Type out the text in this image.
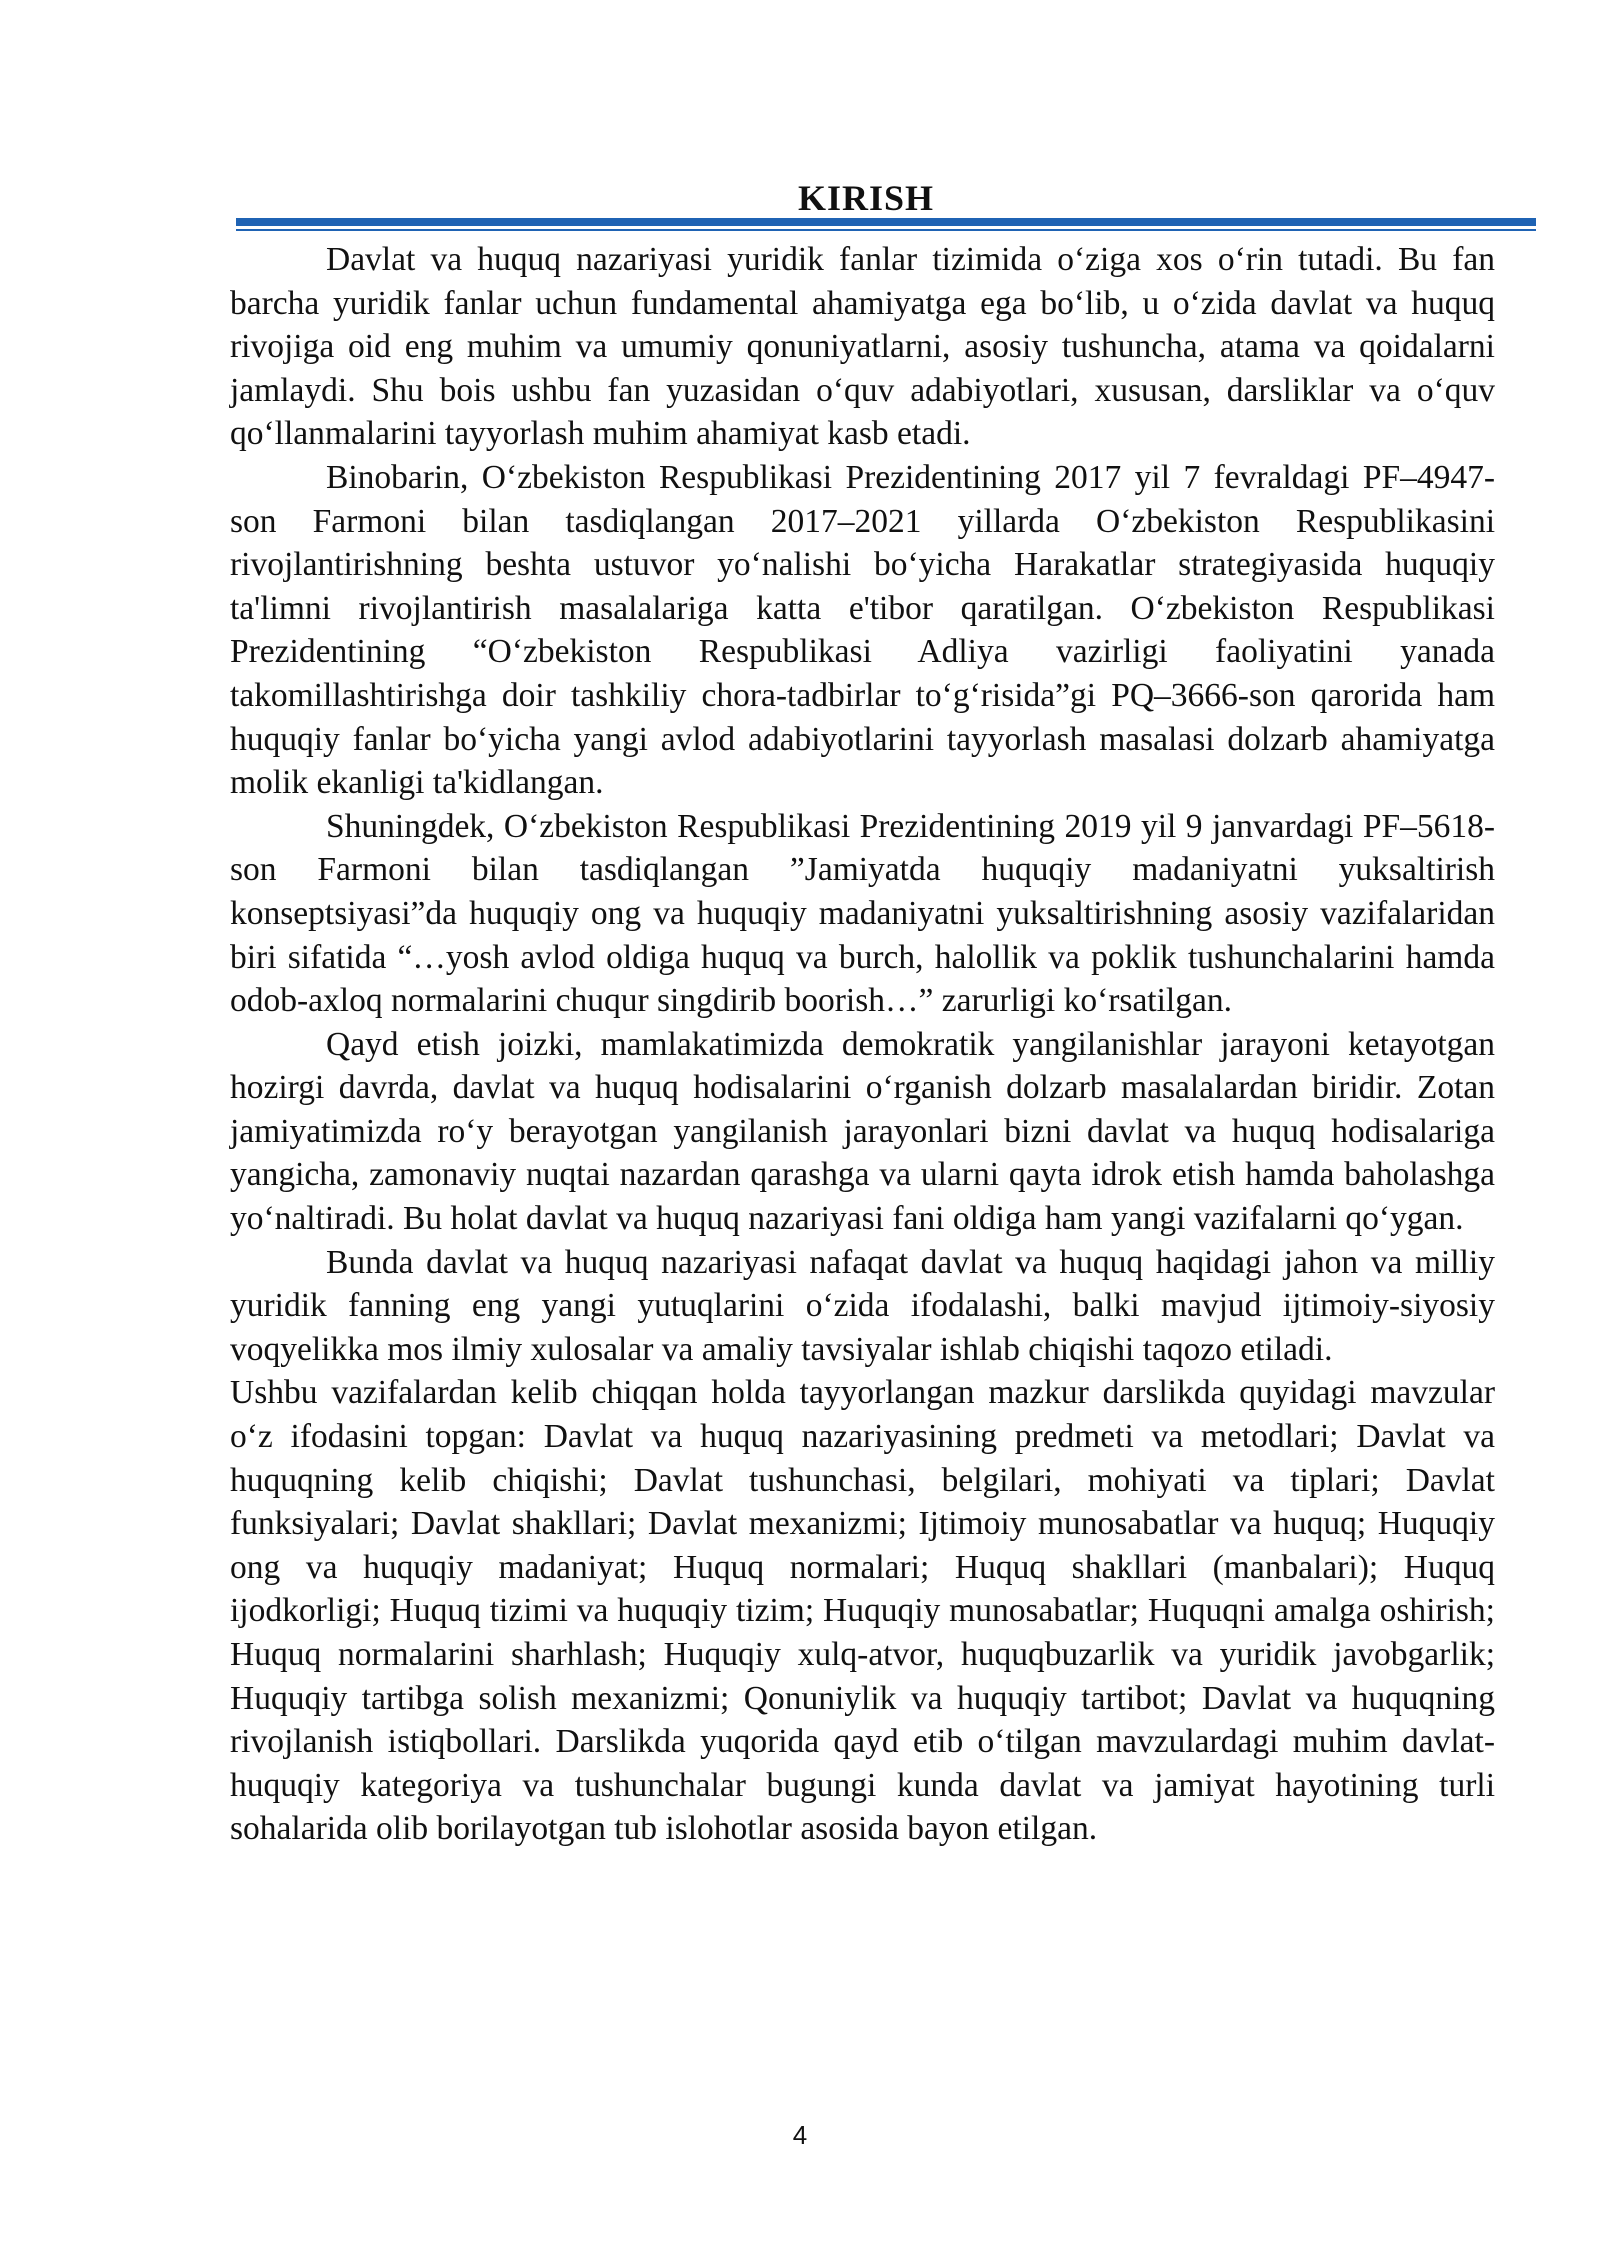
KIRISH

Davlat va huquq nazariyasi yuridik fanlar tizimida o‘ziga xos o‘rin tutadi. Bu fan barcha yuridik fanlar uchun fundamental ahamiyatga ega bo‘lib, u o‘zida davlat va huquq rivojiga oid eng muhim va umumiy qonuniyatlarni, asosiy tushuncha, atama va qoidalarni jamlaydi. Shu bois ushbu fan yuzasidan o‘quv adabiyotlari, xususan, darsliklar va o‘quv qo‘llanmalarini tayyorlash muhim ahamiyat kasb etadi.

Binobarin, O‘zbekiston Respublikasi Prezidentining 2017 yil 7 fevraldagi PF–4947-son Farmoni bilan tasdiqlangan 2017–2021 yillarda O‘zbekiston Respublikasini rivojlantirishning beshta ustuvor yo‘nalishi bo‘yicha Harakatlar strategiyasida huquqiy ta'limni rivojlantirish masalalariga katta e'tibor qaratilgan. O‘zbekiston Respublikasi Prezidentining “O‘zbekiston Respublikasi Adliya vazirligi faoliyatini yanada takomillashtirishga doir tashkiliy chora-tadbirlar to‘g‘risida”gi PQ–3666-son qarorida ham huquqiy fanlar bo‘yicha yangi avlod adabiyotlarini tayyorlash masalasi dolzarb ahamiyatga molik ekanligi ta'kidlangan.

Shuningdek, O‘zbekiston Respublikasi Prezidentining 2019 yil 9 janvardagi PF–5618-son Farmoni bilan tasdiqlangan ”Jamiyatda huquqiy madaniyatni yuksaltirish konseptsiyasi”da huquqiy ong va huquqiy madaniyatni yuksaltirishning asosiy vazifalaridan biri sifatida “…yosh avlod oldiga huquq va burch, halollik va poklik tushunchalarini hamda odob-axloq normalarini chuqur singdirib boorish…” zarurligi ko‘rsatilgan.

Qayd etish joizki, mamlakatimizda demokratik yangilanishlar jarayoni ketayotgan hozirgi davrda, davlat va huquq hodisalarini o‘rganish dolzarb masalalardan biridir. Zotan jamiyatimizda ro‘y berayotgan yangilanish jarayonlari bizni davlat va huquq hodisalariga yangicha, zamonaviy nuqtai nazardan qarashga va ularni qayta idrok etish hamda baholashga yo‘naltiradi. Bu holat davlat va huquq nazariyasi fani oldiga ham yangi vazifalarni qo‘ygan.

Bunda davlat va huquq nazariyasi nafaqat davlat va huquq haqidagi jahon va milliy yuridik fanning eng yangi yutuqlarini o‘zida ifodalashi, balki mavjud ijtimoiy-siyosiy voqyelikka mos ilmiy xulosalar va amaliy tavsiyalar ishlab chiqishi taqozo etiladi.

Ushbu vazifalardan kelib chiqqan holda tayyorlangan mazkur darslikda quyidagi mavzular o‘z ifodasini topgan: Davlat va huquq nazariyasining predmeti va metodlari; Davlat va huquqning kelib chiqishi; Davlat tushunchasi, belgilari, mohiyati va tiplari; Davlat funksiyalari; Davlat shakllari; Davlat mexanizmi; Ijtimoiy munosabatlar va huquq; Huquqiy ong va huquqiy madaniyat; Huquq normalari; Huquq shakllari (manbalari); Huquq ijodkorligi; Huquq tizimi va huquqiy tizim; Huquqiy munosabatlar; Huquqni amalga oshirish; Huquq normalarini sharhlash; Huquqiy xulq-atvor, huquqbuzarlik va yuridik javobgarlik; Huquqiy tartibga solish mexanizmi; Qonuniylik va huquqiy tartibot; Davlat va huquqning rivojlanish istiqbollari. Darslikda yuqorida qayd etib o‘tilgan mavzulardagi muhim davlat-huquqiy kategoriya va tushunchalar bugungi kunda davlat va jamiyat hayotining turli sohalarida olib borilayotgan tub islohotlar asosida bayon etilgan.

4
